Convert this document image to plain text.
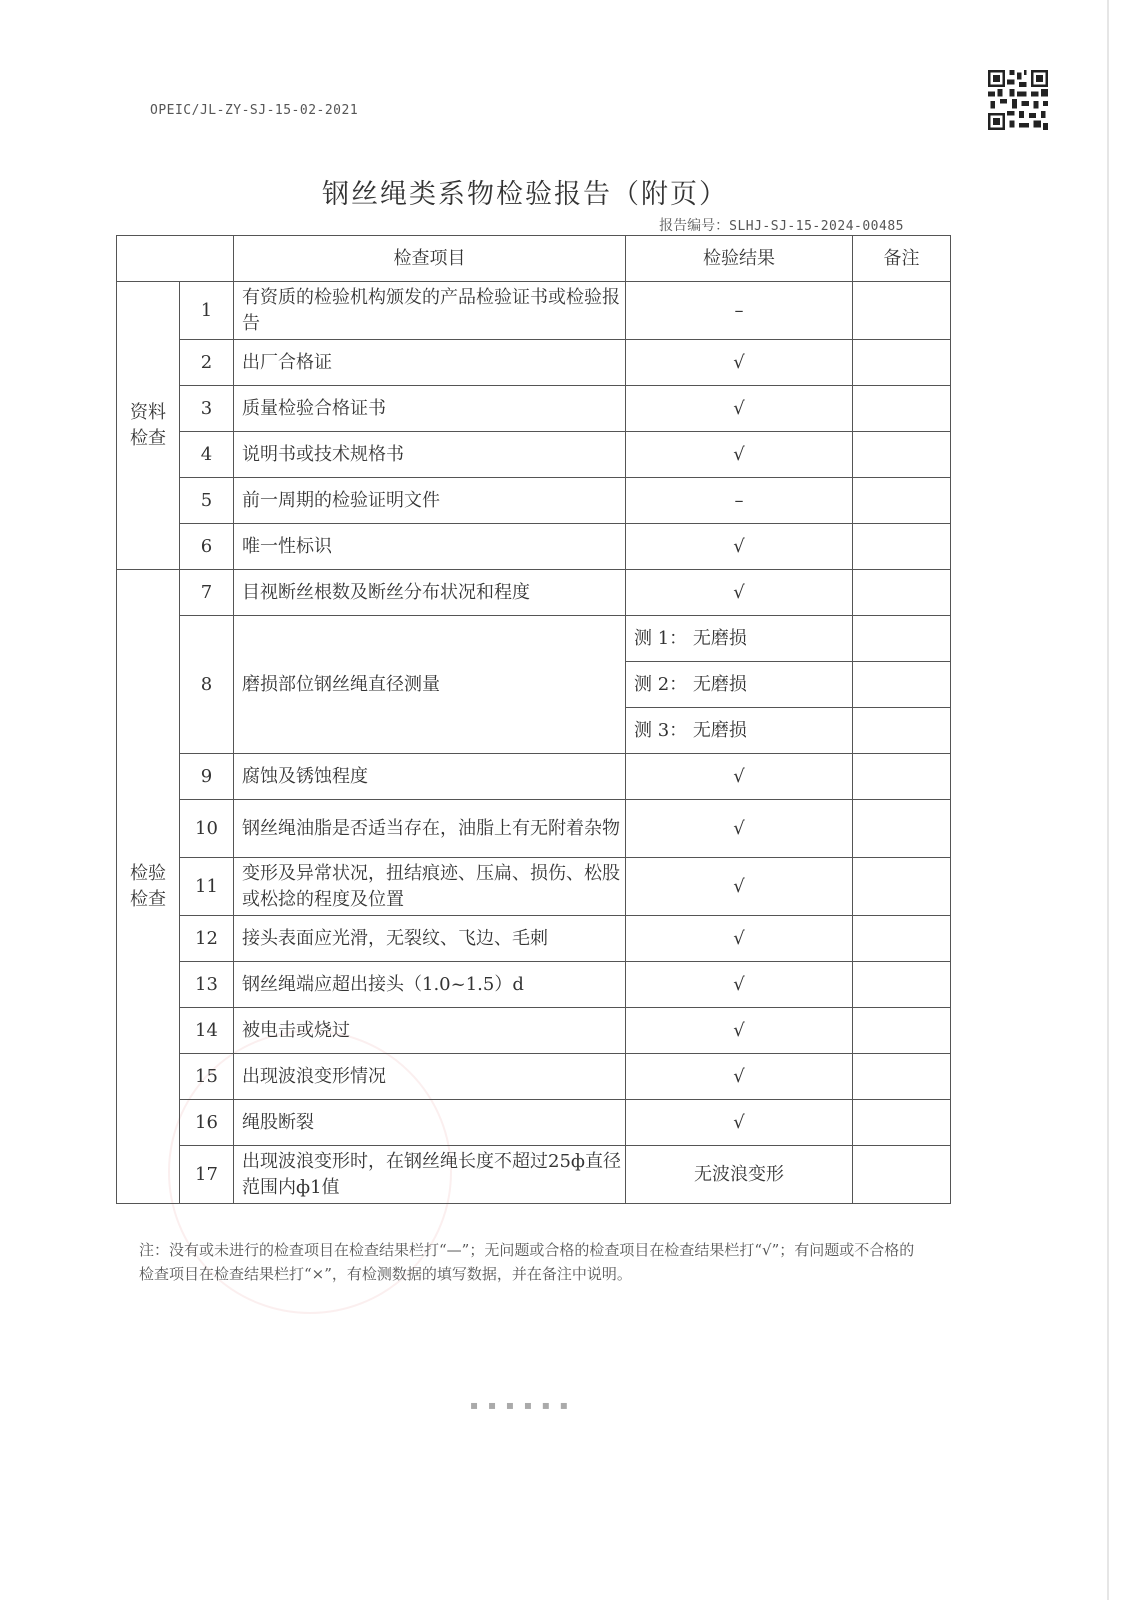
OPEIC/JL-ZY-SJ-15-02-2021
钢丝绳类系物检验报告（附页）
报告编号：SLHJ-SJ-15-2024-00485
		检查项目	检验结果	备注

资料检查	1	有资质的检验机构颁发的产品检验证书或检验报告	–	
	2	出厂合格证	√	
	3	质量检验合格证书	√	
	4	说明书或技术规格书	√	
	5	前一周期的检验证明文件	–	
	6	唯一性标识	√	

检验检查	7	目视断丝根数及断丝分布状况和程度	√	
	8	磨损部位钢丝绳直径测量	测 1： 无磨损	
			测 2： 无磨损	
			测 3： 无磨损	
	9	腐蚀及锈蚀程度	√	
	10	钢丝绳油脂是否适当存在，油脂上有无附着杂物	√	
	11	变形及异常状况，扭结痕迹、压扁、损伤、松股或松捻的程度及位置	√	
	12	接头表面应光滑，无裂纹、飞边、毛刺	√	
	13	钢丝绳端应超出接头（1.0~1.5）d	√	
	14	被电击或烧过	√	
	15	出现波浪变形情况	√	
	16	绳股断裂	√	
	17	出现波浪变形时，在钢丝绳长度不超过25ф直径范围内ф1值	无波浪变形	
注：没有或未进行的检查项目在检查结果栏打“—”；无问题或合格的检查项目在检查结果栏打“√”；有问题或不合格的检查项目在检查结果栏打“×”，有检测数据的填写数据，并在备注中说明。
▪ ▪ ▪ ▪ ▪ ▪
